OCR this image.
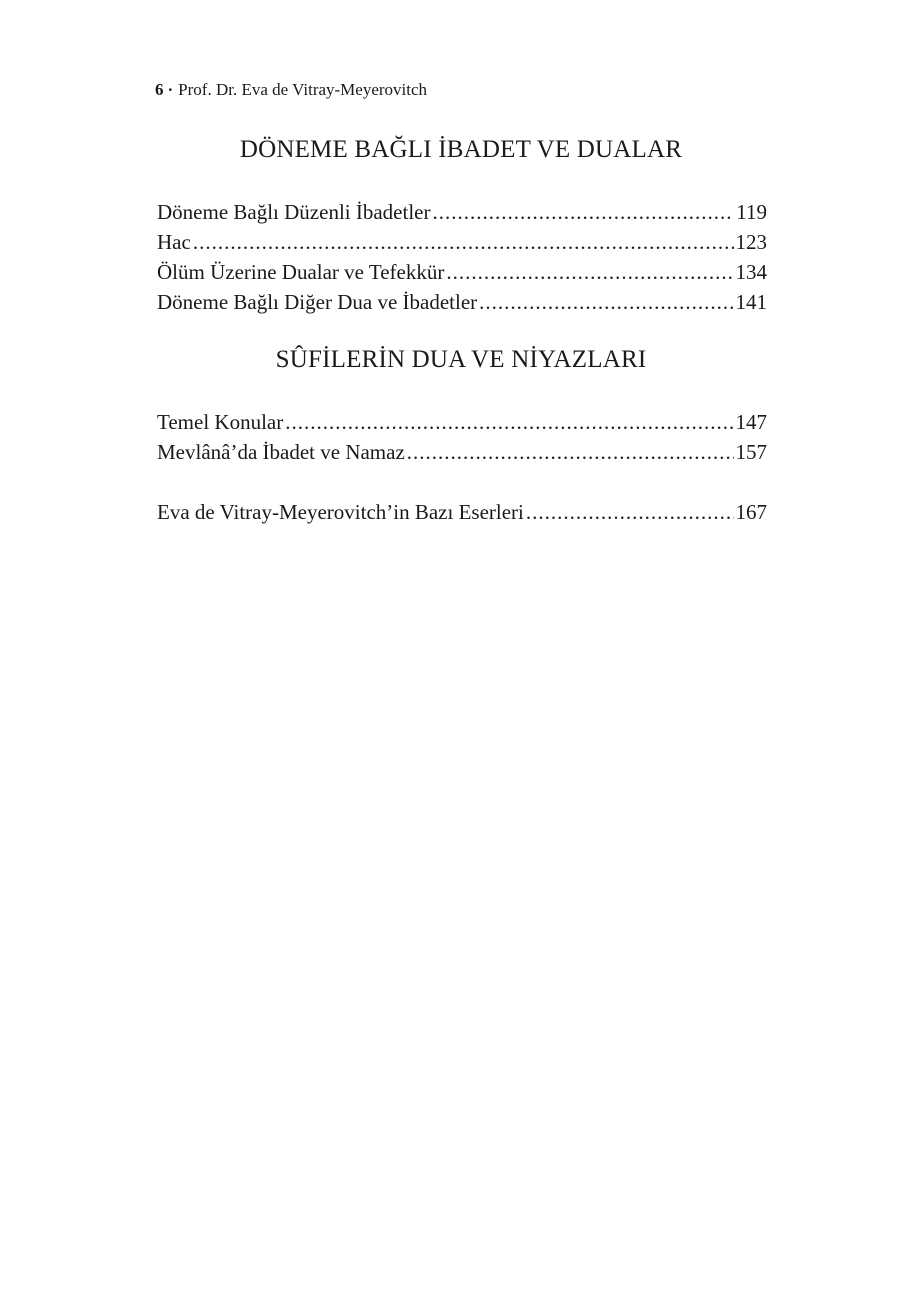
6 · Prof. Dr. Eva de Vitray-Meyerovitch
DÖNEME BAĞLI İBADET VE DUALAR
Döneme Bağlı Düzenli İbadetler .....	119
Hac .....	123
Ölüm Üzerine Dualar ve Tefekkür .....	134
Döneme Bağlı Diğer Dua ve İbadetler .....	141
SÛFİLERİN DUA VE NİYAZLARI
Temel Konular .....	147
Mevlânâ’da İbadet ve Namaz .....	157
Eva de Vitray-Meyerovitch’in Bazı Eserleri .....	167
